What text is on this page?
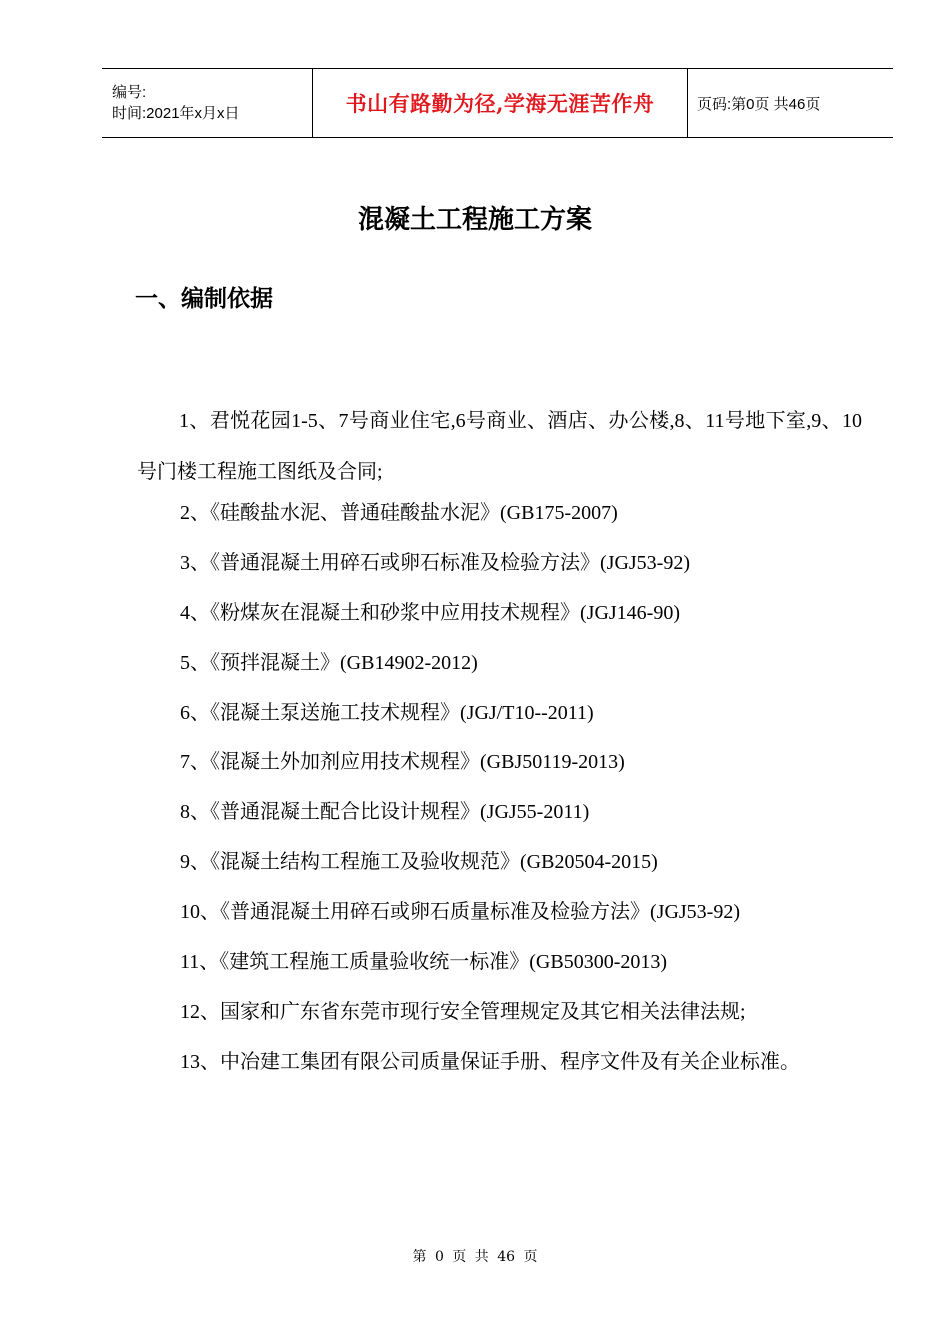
编号:
时间:2021年x月x日	书山有路勤为径,学海无涯苦作舟	页码:第0页 共46页
混凝土工程施工方案
一、编制依据
1、君悦花园1-5、7号商业住宅,6号商业、酒店、办公楼,8、11号地下室,9、10号门楼工程施工图纸及合同;
2、《硅酸盐水泥、普通硅酸盐水泥》(GB175-2007)
3、《普通混凝土用碎石或卵石标准及检验方法》(JGJ53-92)
4、《粉煤灰在混凝土和砂浆中应用技术规程》(JGJ146-90)
5、《预拌混凝土》(GB14902-2012)
6、《混凝土泵送施工技术规程》(JGJ/T10--2011)
7、《混凝土外加剂应用技术规程》(GBJ50119-2013)
8、《普通混凝土配合比设计规程》(JGJ55-2011)
9、《混凝土结构工程施工及验收规范》(GB20504-2015)
10、《普通混凝土用碎石或卵石质量标准及检验方法》(JGJ53-92)
11、《建筑工程施工质量验收统一标准》(GB50300-2013)
12、国家和广东省东莞市现行安全管理规定及其它相关法律法规;
13、中冶建工集团有限公司质量保证手册、程序文件及有关企业标准。
第 0 页 共 46 页
